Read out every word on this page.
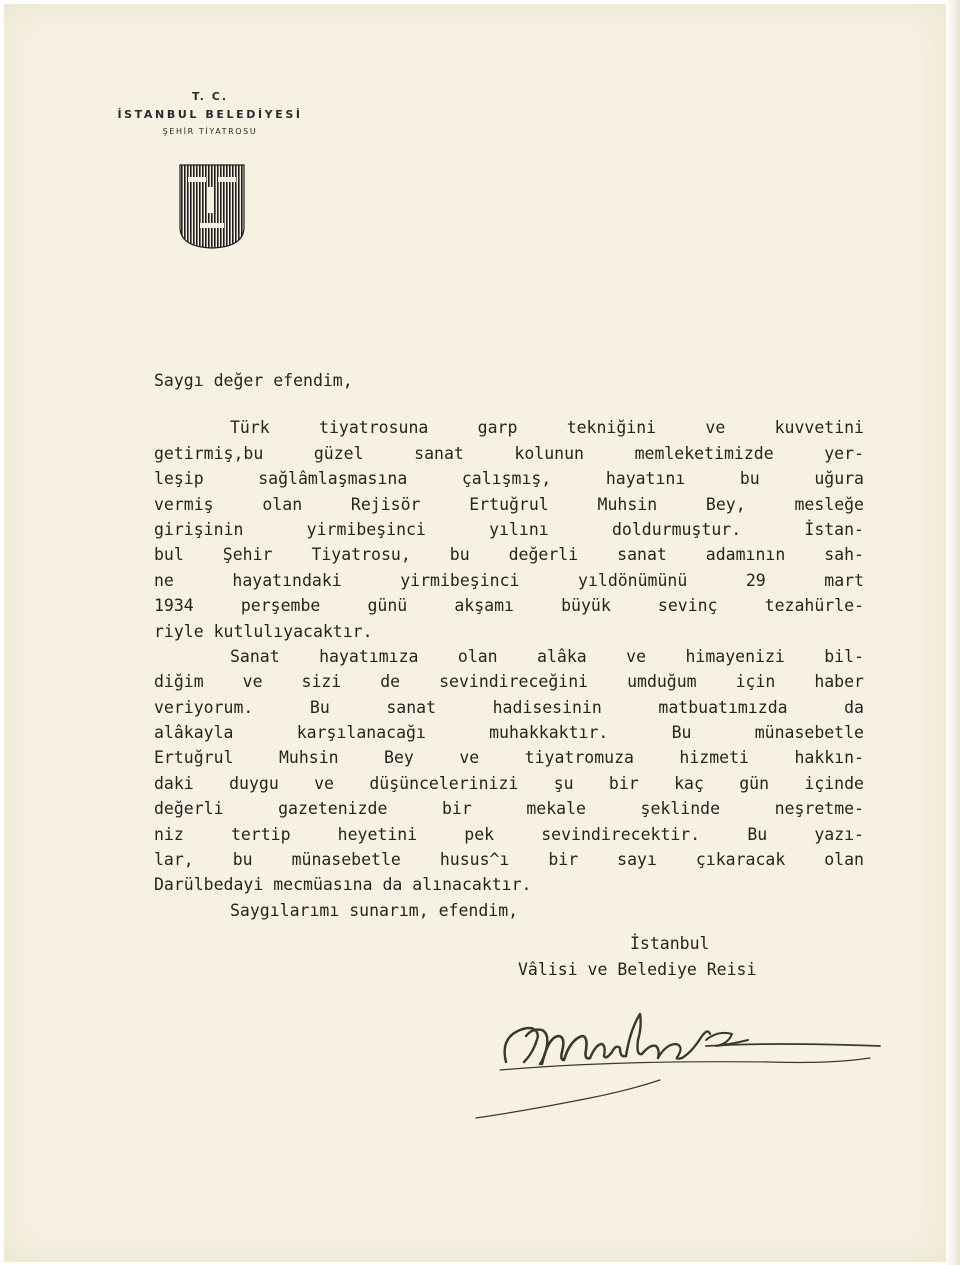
T. C.
İSTANBUL BELEDİYESİ
ŞEHİR TİYATROSU
Saygı değer efendim,
Türk tiyatrosuna garp tekniğini ve kuvvetini
getirmiş,bu güzel sanat kolunun memleketimizde yer-
leşip sağlâmlaşmasına çalışmış, hayatını bu uğura
vermiş olan Rejisör Ertuğrul Muhsin Bey, mesleğe
girişinin yirmibeşinci yılını doldurmuştur. İstan-
bul Şehir Tiyatrosu, bu değerli sanat adamının sah-
ne hayatındaki yirmibeşinci yıldönümünü 29 mart
1934 perşembe günü akşamı büyük sevinç tezahürle-
riyle kutlulıyacaktır.
Sanat hayatımıza olan alâka ve himayenizi bil-
diğim ve sizi de sevindireceğini umduğum için haber
veriyorum. Bu sanat hadisesinin matbuatımızda da
alâkayla karşılanacağı muhakkaktır. Bu münasebetle
Ertuğrul Muhsin Bey ve tiyatromuza hizmeti hakkın-
daki duygu ve düşüncelerinizi şu bir kaç gün içinde
değerli gazetenizde bir mekale şeklinde neşretme-
niz tertip heyetini pek sevindirecektir. Bu yazı-
lar, bu münasebetle husus^ı bir sayı çıkaracak olan
Darülbedayi mecmüasına da alınacaktır.
Saygılarımı sunarım, efendim,
İstanbul
Vâlisi ve Belediye Reisi
